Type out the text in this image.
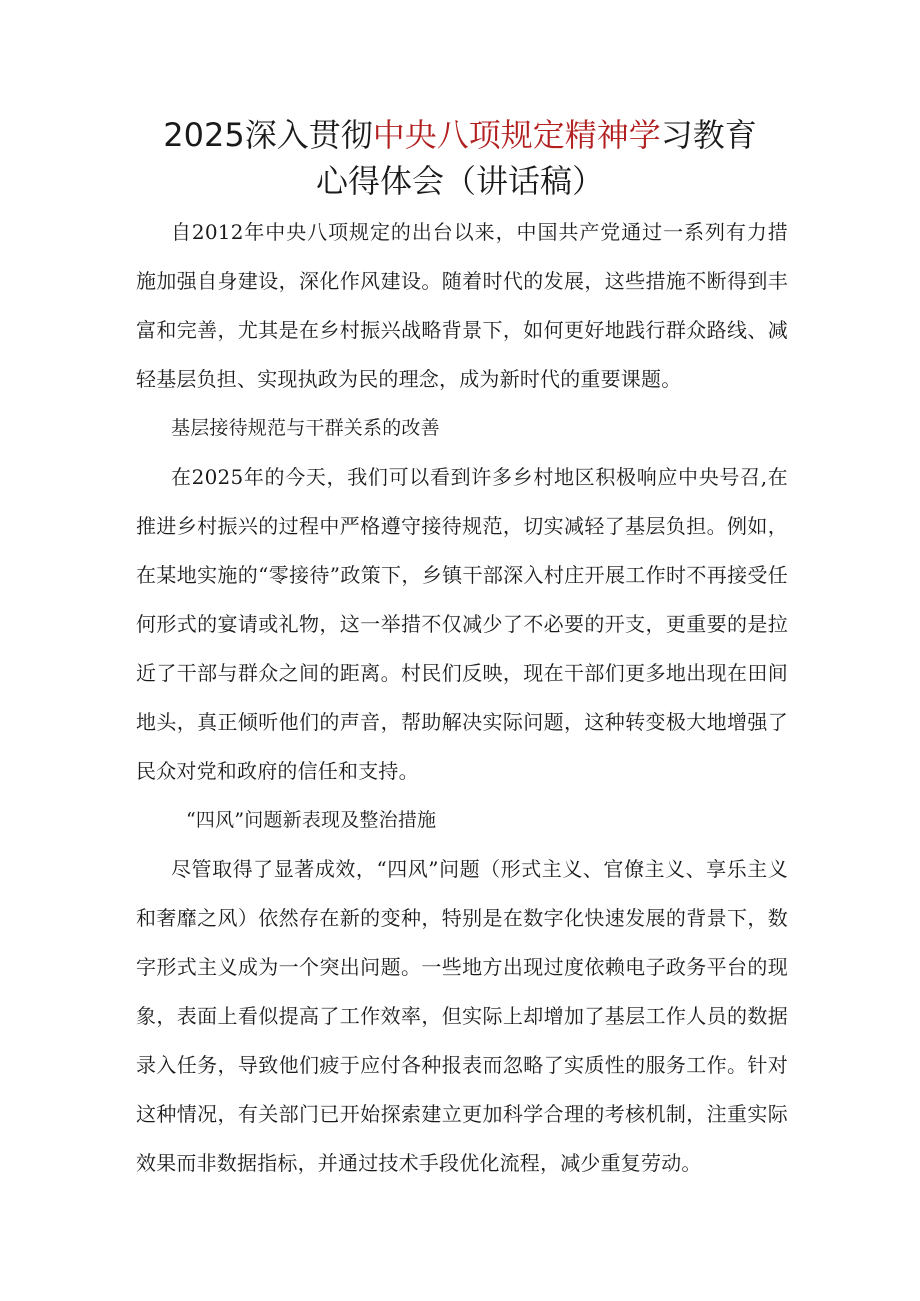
2025深入贯彻中央八项规定精神学习教育
心得体会（讲话稿）

自2012年中央八项规定的出台以来，中国共产党通过一系列有力措施加强自身建设，深化作风建设。随着时代的发展，这些措施不断得到丰富和完善，尤其是在乡村振兴战略背景下，如何更好地践行群众路线、减轻基层负担、实现执政为民的理念，成为新时代的重要课题。

基层接待规范与干群关系的改善

在2025年的今天，我们可以看到许多乡村地区积极响应中央号召,在推进乡村振兴的过程中严格遵守接待规范，切实减轻了基层负担。例如，在某地实施的“零接待”政策下，乡镇干部深入村庄开展工作时不再接受任何形式的宴请或礼物，这一举措不仅减少了不必要的开支，更重要的是拉近了干部与群众之间的距离。村民们反映，现在干部们更多地出现在田间地头，真正倾听他们的声音，帮助解决实际问题，这种转变极大地增强了民众对党和政府的信任和支持。

“四风”问题新表现及整治措施

尽管取得了显著成效，“四风”问题（形式主义、官僚主义、享乐主义和奢靡之风）依然存在新的变种，特别是在数字化快速发展的背景下，数字形式主义成为一个突出问题。一些地方出现过度依赖电子政务平台的现象，表面上看似提高了工作效率，但实际上却增加了基层工作人员的数据录入任务，导致他们疲于应付各种报表而忽略了实质性的服务工作。针对这种情况，有关部门已开始探索建立更加科学合理的考核机制，注重实际效果而非数据指标，并通过技术手段优化流程，减少重复劳动。
